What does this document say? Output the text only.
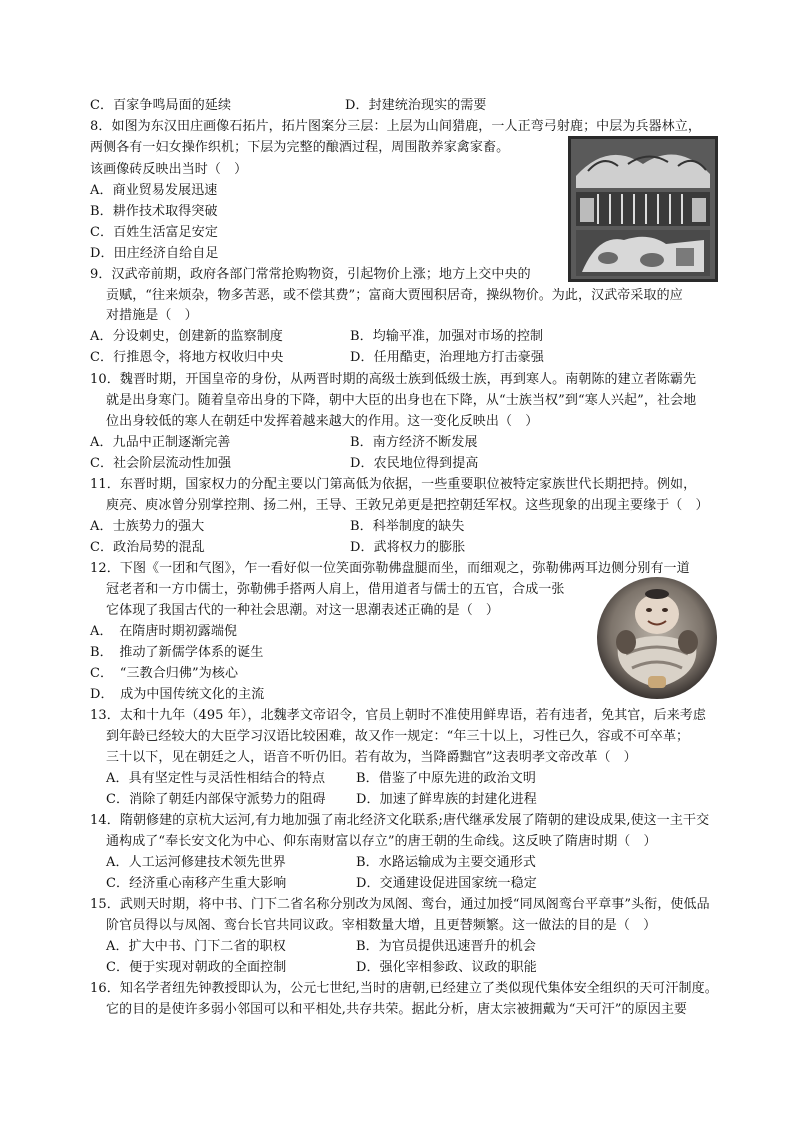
C．百家争鸣局面的延续	D．封建统治现实的需要
8．如图为东汉田庄画像石拓片，拓片图案分三层：上层为山间猎鹿，一人正弯弓射鹿；中层为兵器林立，
两侧各有一妇女操作织机；下层为完整的酿酒过程，周围散养家禽家畜。
该画像砖反映出当时（　）
A．商业贸易发展迅速
B．耕作技术取得突破
C．百姓生活富足安定
D．田庄经济自给自足
9．汉武帝前期，政府各部门常常抢购物资，引起物价上涨；地方上交中央的
贡赋，“往来烦杂，物多苦恶，或不偿其费”；富商大贾囤积居奇，操纵物价。为此，汉武帝采取的应
对措施是（　）
A．分设刺史，创建新的监察制度	B．均输平准，加强对市场的控制
C．行推恩令，将地方权收归中央	D．任用酷吏，治理地方打击豪强
10．魏晋时期，开国皇帝的身份，从两晋时期的高级士族到低级士族，再到寒人。南朝陈的建立者陈霸先
就是出身寒门。随着皇帝出身的下降，朝中大臣的出身也在下降，从“士族当权”到“寒人兴起”，社会地
位出身较低的寒人在朝廷中发挥着越来越大的作用。这一变化反映出（　）
A．九品中正制逐渐完善	B．南方经济不断发展
C．社会阶层流动性加强	D．农民地位得到提高
11．东晋时期，国家权力的分配主要以门第高低为依据，一些重要职位被特定家族世代长期把持。例如，
庾亮、庾冰曾分别掌控荆、扬二州，王导、王敦兄弟更是把控朝廷军权。这些现象的出现主要缘于（　）
A．士族势力的强大	B．科举制度的缺失
C．政治局势的混乱	D．武将权力的膨胀
12．下图《一团和气图》，乍一看好似一位笑面弥勒佛盘腿而坐，而细观之，弥勒佛两耳边侧分别有一道
冠老者和一方巾儒士，弥勒佛手搭两人肩上，借用道者与儒士的五官，合成一张
它体现了我国古代的一种社会思潮。对这一思潮表述正确的是（　）
A．　在隋唐时期初露端倪
B．　推动了新儒学体系的诞生
C．　“三教合归佛”为核心
D．　成为中国传统文化的主流
13．太和十九年（495 年），北魏孝文帝诏令，官员上朝时不准使用鲜卑语，若有违者，免其官，后来考虑
到年龄已经较大的大臣学习汉语比较困难，故又作一规定：“年三十以上，习性已久，容或不可卒革；
三十以下，见在朝廷之人，语音不听仍旧。若有故为，当降爵黜官”这表明孝文帝改革（　）
A．具有坚定性与灵活性相结合的特点 B．借鉴了中原先进的政治文明
C．消除了朝廷内部保守派势力的阻碍 D．加速了鲜卑族的封建化进程
14．隋朝修建的京杭大运河,有力地加强了南北经济文化联系;唐代继承发展了隋朝的建设成果,使这一主干交
通构成了“奉长安文化为中心、仰东南财富以存立”的唐王朝的生命线。这反映了隋唐时期（　）
A．人工运河修建技术领先世界	B．水路运输成为主要交通形式
C．经济重心南移产生重大影响	D．交通建设促进国家统一稳定
15．武则天时期，将中书、门下二省名称分别改为凤阁、鸾台，通过加授“同凤阁鸾台平章事”头衔，使低品
阶官员得以与凤阁、鸾台长官共同议政。宰相数量大增，且更替频繁。这一做法的目的是（　）
A．扩大中书、门下二省的职权	B．为官员提供迅速晋升的机会
C．便于实现对朝政的全面控制	D．强化宰相参政、议政的职能
16．知名学者纽先钟教授即认为，公元七世纪,当时的唐朝,已经建立了类似现代集体安全组织的天可汗制度。
它的目的是使许多弱小邻国可以和平相处,共存共荣。据此分析，唐太宗被拥戴为“天可汗”的原因主要
